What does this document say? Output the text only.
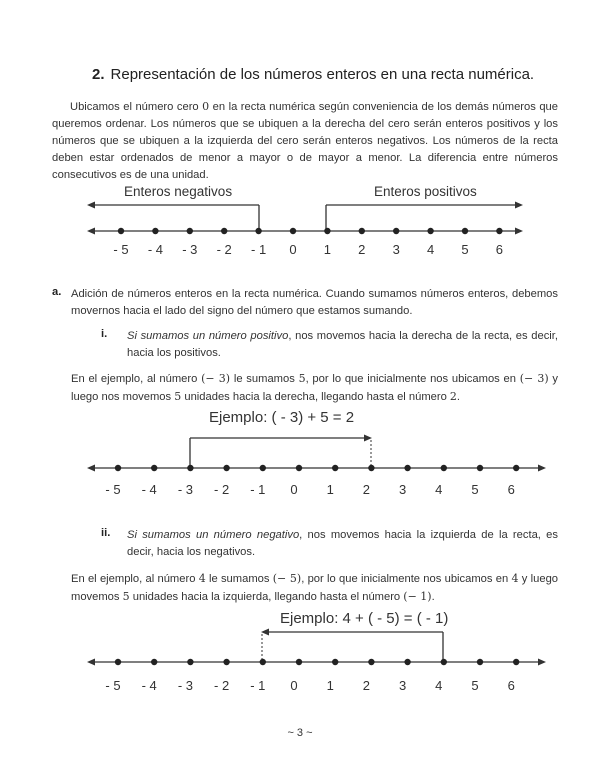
2. Representación de los números enteros en una recta numérica.
Ubicamos el número cero 0 en la recta numérica según conveniencia de los demás números que queremos ordenar. Los números que se ubiquen a la derecha del cero serán enteros positivos y los números que se ubiquen a la izquierda del cero serán enteros negativos. Los números de la recta deben estar ordenados de menor a mayor o de mayor a menor. La diferencia entre números consecutivos es de una unidad.
Enteros negativos	Enteros positivos
- 5 - 4 - 3 - 2 - 1 0 1 2 3 4 5 6
a. Adición de números enteros en la recta numérica. Cuando sumamos números enteros, debemos movernos hacia el lado del signo del número que estamos sumando.
i. Si sumamos un número positivo, nos movemos hacia la derecha de la recta, es decir, hacia los positivos.
En el ejemplo, al número (− 3) le sumamos 5, por lo que inicialmente nos ubicamos en (− 3) y luego nos movemos 5 unidades hacia la derecha, llegando hasta el número 2.
Ejemplo: ( - 3) + 5 = 2
- 5 - 4 - 3 - 2 - 1 0 1 2 3 4 5 6
ii. Si sumamos un número negativo, nos movemos hacia la izquierda de la recta, es decir, hacia los negativos.
En el ejemplo, al número 4 le sumamos (− 5), por lo que inicialmente nos ubicamos en 4 y luego movemos 5 unidades hacia la izquierda, llegando hasta el número (− 1).
Ejemplo: 4 + ( - 5) = ( - 1)
- 5 - 4 - 3 - 2 - 1 0 1 2 3 4 5 6
~ 3 ~
